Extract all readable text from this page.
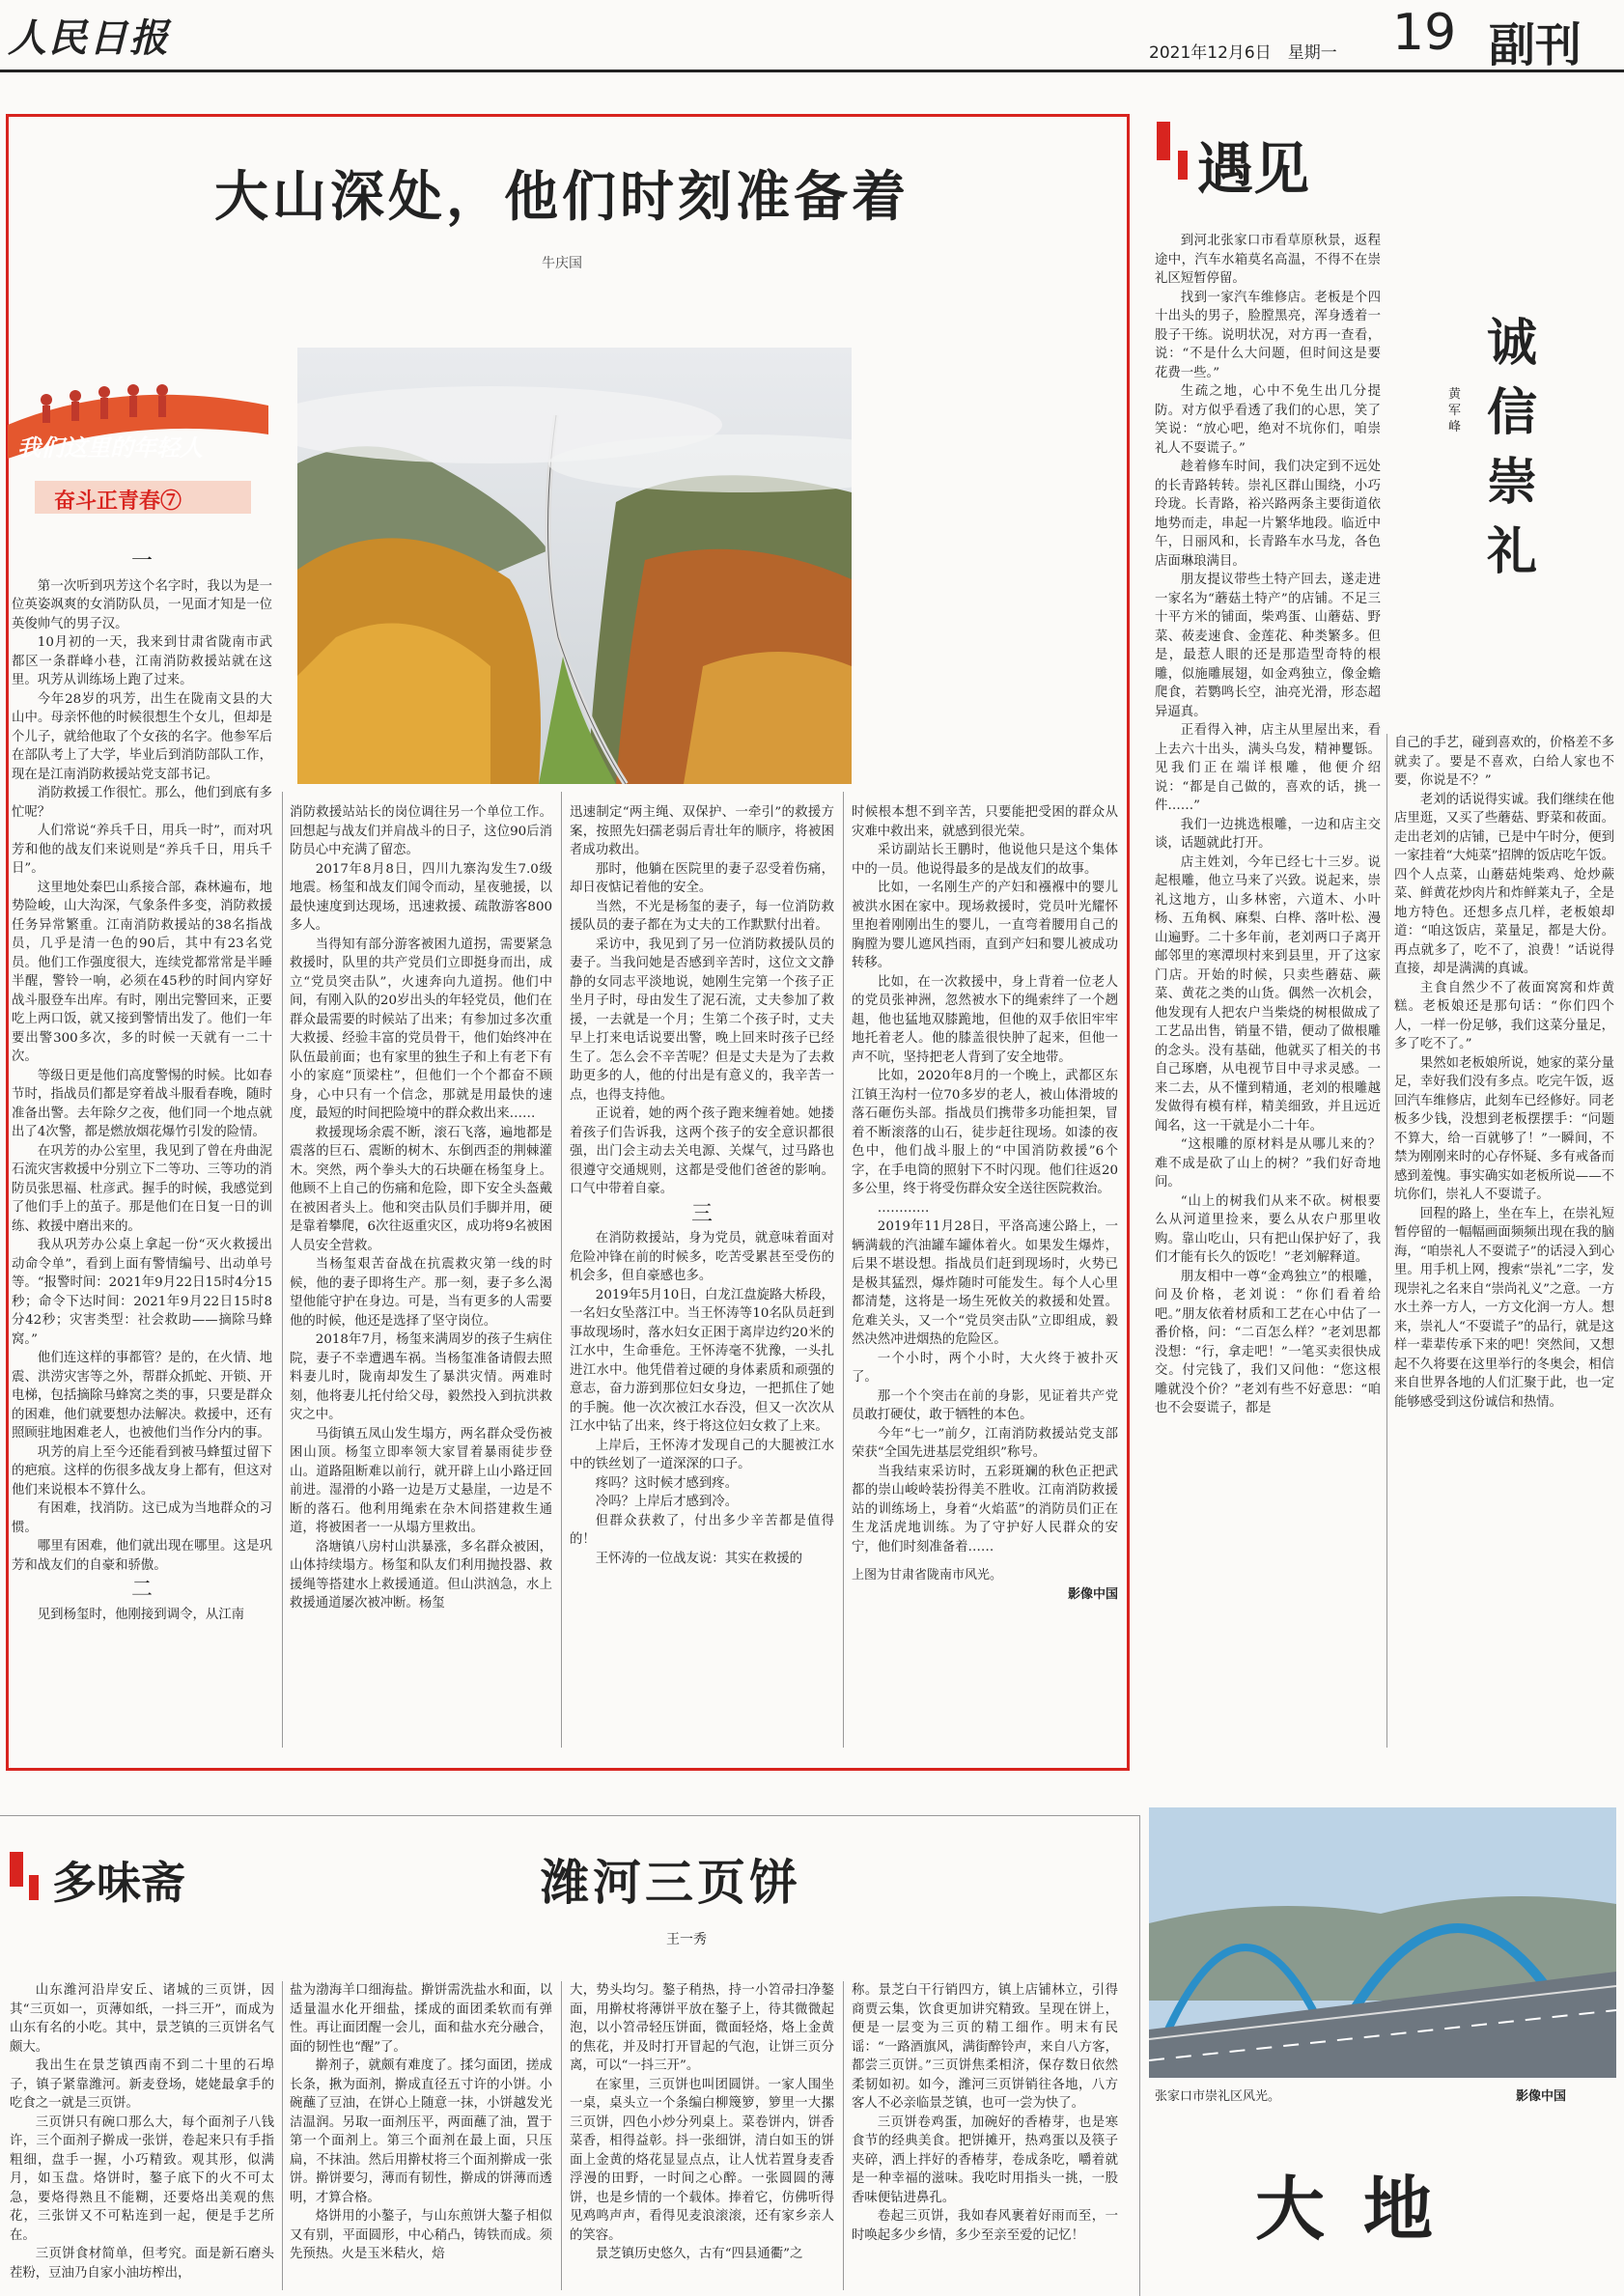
人民日报	2021年12月6日　星期一 19 副刊
大山深处，他们时刻准备着
牛庆国
我们这里的年轻人
奋斗正青春⑦
一

第一次听到巩芳这个名字时，我以为是一位英姿飒爽的女消防队员，一见面才知是一位英俊帅气的男子汉。

10月初的一天，我来到甘肃省陇南市武都区一条群峰小巷，江南消防救援站就在这里。巩芳从训练场上跑了过来。

今年28岁的巩芳，出生在陇南文县的大山中。母亲怀他的时候很想生个女儿，但却是个儿子，就给他取了个女孩的名字。他参军后在部队考上了大学，毕业后到消防部队工作，现在是江南消防救援站党支部书记。

消防救援工作很忙。那么，他们到底有多忙呢？

人们常说“养兵千日，用兵一时”，而对巩芳和他的战友们来说则是“养兵千日，用兵千日”。

这里地处秦巴山系接合部，森林遍布，地势险峻，山大沟深，气象条件多变，消防救援任务异常繁重。江南消防救援站的38名指战员，几乎是清一色的90后，其中有23名党员。他们工作强度很大，连续党都常常是半睡半醒，警铃一响，必须在45秒的时间内穿好战斗服登车出库。有时，刚出完警回来，正要吃上两口饭，就又接到警情出发了。他们一年要出警300多次，多的时候一天就有一二十次。

等级日更是他们高度警惕的时候。比如春节时，指战员们都是穿着战斗服看春晚，随时准备出警。去年除夕之夜，他们同一个地点就出了4次警，都是燃放烟花爆竹引发的险情。

在巩芳的办公室里，我见到了曾在舟曲泥石流灾害救援中分别立下二等功、三等功的消防员张思福、杜彦武。握手的时候，我感觉到了他们手上的茧子。那是他们在日复一日的训练、救援中磨出来的。

我从巩芳办公桌上拿起一份“灭火救援出动命令单”，看到上面有警情编号、出动单号等。“报警时间：2021年9月22日15时4分15秒；命令下达时间：2021年9月22日15时8分42秒；灾害类型：社会救助——摘除马蜂窝。”

他们连这样的事都管？是的，在火情、地震、洪涝灾害等之外，帮群众抓蛇、开锁、开电梯，包括摘除马蜂窝之类的事，只要是群众的困难，他们就要想办法解决。救援中，还有照顾驻地困难老人，也被他们当作分内的事。

巩芳的肩上至今还能看到被马蜂蜇过留下的疤痕。这样的伤很多战友身上都有，但这对他们来说根本不算什么。

有困难，找消防。这已成为当地群众的习惯。

哪里有困难，他们就出现在哪里。这是巩芳和战友们的自豪和骄傲。

二

见到杨玺时，他刚接到调令，从江南

消防救援站站长的岗位调往另一个单位工作。回想起与战友们并肩战斗的日子，这位90后消防员心中充满了留恋。

2017年8月8日，四川九寨沟发生7.0级地震。杨玺和战友们闻令而动，星夜驰援，以最快速度到达现场，迅速救援、疏散游客800多人。

当得知有部分游客被困九道拐，需要紧急救援时，队里的共产党员们立即挺身而出，成立“党员突击队”，火速奔向九道拐。他们中间，有刚入队的20岁出头的年轻党员，他们在群众最需要的时候站了出来；有参加过多次重大救援、经验丰富的党员骨干，他们始终冲在队伍最前面；也有家里的独生子和上有老下有小的家庭“顶梁柱”，但他们一个个都奋不顾身，心中只有一个信念，那就是用最快的速度，最短的时间把险境中的群众救出来……

救援现场余震不断，滚石飞落，遍地都是震落的巨石、震断的树木、东倒西歪的荆棘灌木。突然，两个拳头大的石块砸在杨玺身上。他顾不上自己的伤痛和危险，即下安全头盔戴在被困者头上。他和突击队员们手脚并用，硬是靠着攀爬，6次往返重灾区，成功将9名被困人员安全营救。

当杨玺艰苦奋战在抗震救灾第一线的时候，他的妻子即将生产。那一刻，妻子多么渴望他能守护在身边。可是，当有更多的人需要他的时候，他还是选择了坚守岗位。

2018年7月，杨玺来满周岁的孩子生病住院，妻子不幸遭遇车祸。当杨玺准备请假去照料妻儿时，陇南却发生了暴洪灾情。两难时刻，他将妻儿托付给父母，毅然投入到抗洪救灾之中。

马街镇五凤山发生塌方，两名群众受伤被困山顶。杨玺立即率领大家冒着暴雨徒步登山。道路阻断难以前行，就开辟上山小路迂回前进。湿滑的小路一边是万丈悬崖，一边是不断的落石。他利用绳索在杂木间搭建救生通道，将被困者一一从塌方里救出。

洛塘镇八房村山洪暴涨，多名群众被困，山体持续塌方。杨玺和队友们利用抛投器、救援绳等搭建水上救援通道。但山洪汹急，水上救援通道屡次被冲断。杨玺

迅速制定“两主绳、双保护、一牵引”的救援方案，按照先妇孺老弱后青壮年的顺序，将被困者成功救出。

那时，他躺在医院里的妻子忍受着伤痛，却日夜惦记着他的安全。

当然，不光是杨玺的妻子，每一位消防救援队员的妻子都在为丈夫的工作默默付出着。

采访中，我见到了另一位消防救援队员的妻子。当我问她是否感到辛苦时，这位文文静静的女同志平淡地说，她刚生完第一个孩子正坐月子时，母由发生了泥石流，丈夫参加了救援，一去就是一个月；生第二个孩子时，丈夫早上打来电话说要出警，晚上回来时孩子已经生了。怎么会不辛苦呢？但是丈夫是为了去救助更多的人，他的付出是有意义的，我辛苦一点，也得支持他。

正说着，她的两个孩子跑来缠着她。她搂着孩子们告诉我，这两个孩子的安全意识都很强，出门会主动去关电源、关煤气，过马路也很遵守交通规则，这都是受他们爸爸的影响。口气中带着自豪。

三

在消防救援站，身为党员，就意味着面对危险冲锋在前的时候多，吃苦受累甚至受伤的机会多，但自豪感也多。

2019年5月10日，白龙江盘旋路大桥段，一名妇女坠落江中。当王怀涛等10名队员赶到事故现场时，落水妇女正困于离岸边约20米的江水中，生命垂危。王怀涛毫不犹豫，一头扎进江水中。他凭借着过硬的身体素质和顽强的意志，奋力游到那位妇女身边，一把抓住了她的手腕。他一次次被江水吞没，但又一次次从江水中钻了出来，终于将这位妇女救了上来。

上岸后，王怀涛才发现自己的大腿被江水中的铁丝划了一道深深的口子。

疼吗？这时候才感到疼。

冷吗？上岸后才感到冷。

但群众获救了，付出多少辛苦都是值得的！

王怀涛的一位战友说：其实在救援的

时候根本想不到辛苦，只要能把受困的群众从灾难中救出来，就感到很光荣。

采访副站长王鹏时，他说他只是这个集体中的一员。他说得最多的是战友们的故事。

比如，一名刚生产的产妇和襁褓中的婴儿被洪水困在家中。现场救援时，党员叶光耀怀里抱着刚刚出生的婴儿，一直弯着腰用自己的胸膛为婴儿遮风挡雨，直到产妇和婴儿被成功转移。

比如，在一次救援中，身上背着一位老人的党员张神洲，忽然被水下的绳索绊了一个趔趄，他也猛地双膝跪地，但他的双手依旧牢牢地托着老人。他的膝盖很快肿了起来，但他一声不吭，坚持把老人背到了安全地带。

比如，2020年8月的一个晚上，武都区东江镇王沟村一位70多岁的老人，被山体滑坡的落石砸伤头部。指战员们携带多功能担架，冒着不断滚落的山石，徒步赶往现场。如漆的夜色中，他们战斗服上的“中国消防救援”6个字，在手电筒的照射下不时闪现。他们往返20多公里，终于将受伤群众安全送往医院救治。

…………

2019年11月28日，平洛高速公路上，一辆满载的汽油罐车罐体着火。如果发生爆炸，后果不堪设想。指战员们赶到现场时，火势已是极其猛烈，爆炸随时可能发生。每个人心里都清楚，这将是一场生死攸关的救援和处置。危难关头，又一个“党员突击队”立即组成，毅然决然冲进烟热的危险区。

一个小时，两个小时，大火终于被扑灭了。

那一个个突击在前的身影，见证着共产党员敢打硬仗，敢于牺牲的本色。

今年“七一”前夕，江南消防救援站党支部荣获“全国先进基层党组织”称号。

当我结束采访时，五彩斑斓的秋色正把武都的崇山峻岭装扮得美不胜收。江南消防救援站的训练场上，身着“火焰蓝”的消防员们正在生龙活虎地训练。为了守护好人民群众的安宁，他们时刻准备着……

上图为甘肃省陇南市风光。

影像中国

遇见
诚信崇礼
黄军峰

到河北张家口市看草原秋景，返程途中，汽车水箱莫名高温，不得不在崇礼区短暂停留。

找到一家汽车维修店。老板是个四十出头的男子，脸膛黑亮，浑身透着一股子干练。说明状况，对方再一查看，说：“不是什么大问题，但时间这是要花费一些。”

生疏之地，心中不免生出几分提防。对方似乎看透了我们的心思，笑了笑说：“放心吧，绝对不坑你们，咱崇礼人不耍谎子。”

趁着修车时间，我们决定到不远处的长青路转转。崇礼区群山围绕，小巧玲珑。长青路，裕兴路两条主要街道依地势而走，串起一片繁华地段。临近中午，日丽风和，长青路车水马龙，各色店面琳琅满目。

朋友提议带些土特产回去，遂走进一家名为“蘑菇土特产”的店铺。不足三十平方米的铺面，柴鸡蛋、山蘑菇、野菜、莜麦速食、金莲花、种类繁多。但是，最惹人眼的还是那造型奇特的根雕，似施雕展翅，如金鸡独立，像金蟾爬食，若鹦鸣长空，油亮光滑，形态超异逼真。

正看得入神，店主从里屋出来，看上去六十出头，满头乌发，精神矍铄。见我们正在端详根雕，他便介绍说：“都是自己做的，喜欢的话，挑一件……”

我们一边挑选根雕，一边和店主交谈，话题就此打开。

店主姓刘，今年已经七十三岁。说起根雕，他立马来了兴致。说起来，崇礼这地方，山多林密，六道木、小叶杨、五角枫、麻梨、白桦、落叶松、漫山遍野。二十多年前，老刘两口子离开邮邻里的寒潭坝村来到县里，开了这家门店。开始的时候，只卖些蘑菇、蕨菜、黄花之类的山货。偶然一次机会，他发现有人把农户当柴烧的树根做成了工艺品出售，销量不错，便动了做根雕的念头。没有基础，他就买了相关的书自己琢磨，从电视节目中寻求灵感。一来二去，从不懂到精通，老刘的根雕越发做得有模有样，精美细致，并且远近闻名，这一干就是小二十年。

“这根雕的原材料是从哪儿来的？难不成是砍了山上的树？”我们好奇地问。

“山上的树我们从来不砍。树根要么从河道里捡来，要么从农户那里收购。靠山吃山，只有把山保护好了，我们才能有长久的饭吃！”老刘解释道。

朋友相中一尊“金鸡独立”的根雕，问及价格，老刘说：“你们看着给吧。”朋友依着材质和工艺在心中估了一番价格，问：“二百怎么样？”老刘思都没想：“行，拿走吧！”一笔买卖很快成交。付完钱了，我们又问他：“您这根雕就没个价？”老刘有些不好意思：“咱也不会耍谎子，都是

自己的手艺，碰到喜欢的，价格差不多就卖了。要是不喜欢，白给人家也不要，你说是不？”

老刘的话说得实诚。我们继续在他店里逛，又买了些蘑菇、野菜和莜面。走出老刘的店铺，已是中午时分，便到一家挂着“大炖菜”招牌的饭店吃午饭。四个人点菜，山蘑菇炖柴鸡、炝炒蕨菜、鲜黄花炒肉片和炸鲜莱丸子，全是地方特色。还想多点几样，老板娘却道：“咱这饭店，菜量足，都是大份。再点就多了，吃不了，浪费！”话说得直接，却是满满的真诚。

主食自然少不了莜面窝窝和炸黄糕。老板娘还是那句话：“你们四个人，一样一份足够，我们这菜分量足，多了吃不了。”

果然如老板娘所说，她家的菜分量足，幸好我们没有多点。吃完午饭，返回汽车维修店，此刻车已经修好。同老板多少钱，没想到老板摆摆手：“问题不算大，给一百就够了！”一瞬间，不禁为刚刚来时的心存怀疑、多有戒备而感到羞愧。事实确实如老板所说——不坑你们，崇礼人不耍谎子。

回程的路上，坐在车上，在崇礼短暂停留的一幅幅画面频频出现在我的脑海，“咱崇礼人不耍谎子”的话浸入到心里。用手机上网，搜索“崇礼”二字，发现崇礼之名来自“崇尚礼义”之意。一方水土养一方人，一方文化润一方人。想来，崇礼人“不耍谎子”的品行，就是这样一辈辈传承下来的吧！突然间，又想起不久将要在这里举行的冬奥会，相信来自世界各地的人们汇聚于此，也一定能够感受到这份诚信和热情。

张家口市崇礼区风光。	影像中国
大地
多味斋	潍河三页饼
王一秀

山东潍河沿岸安丘、诸城的三页饼，因其“三页如一，页薄如纸，一抖三开”，而成为山东有名的小吃。其中，景芝镇的三页饼名气颇大。

我出生在景芝镇西南不到二十里的石埠子，镇子紧靠潍河。新麦登场，姥姥最拿手的吃食之一就是三页饼。

三页饼只有碗口那么大，每个面剂子八钱许，三个面剂子擀成一张饼，卷起来只有手指粗细，盘手一握，小巧精致。观其形，似满月，如玉盘。烙饼时，鏊子底下的火不可太急，要烙得熟且不能糊，还要烙出美观的焦花，三张饼又不可粘连到一起，便是手艺所在。

三页饼食材简单，但考究。面是新石磨头茬粉，豆油乃自家小油坊榨出，

盐为渤海羊口细海盐。擀饼需洗盐水和面，以适量温水化开细盐，揉成的面团柔软而有弹性。再让面团醒一会儿，面和盐水充分融合，面的韧性也“醒”了。

擀剂子，就颇有难度了。揉匀面团，搓成长条，揪为面剂，擀成直径五寸许的小饼。小碗蘸了豆油，在饼心上随意一抹，小饼越发光洁温润。另取一面剂压平，两面蘸了油，置于第一个面剂上。第三个面剂在最上面，只压扁，不抹油。然后用擀杖将三个面剂擀成一张饼。擀饼要匀，薄而有韧性，擀成的饼薄而透明，才算合格。

烙饼用的小鏊子，与山东煎饼大鏊子相似又有别，平面圆形，中心稍凸，铸铁而成。须先预热。火是玉米秸火，焙

大，势头均匀。鏊子稍热，持一小笤帚扫净鏊面，用擀杖将薄饼平放在鏊子上，待其微微起泡，以小笤帚轻压饼面，微面轻烙，烙上金黄的焦花，并及时打开冒起的气泡，让饼三页分离，可以“一抖三开”。

在家里，三页饼也叫团圆饼。一家人围坐一桌，桌头立一个条编白柳篾箩，箩里一大摞三页饼，四色小炒分列桌上。菜卷饼内，饼香菜香，相得益彰。抖一张细饼，清白如玉的饼面上金黄的烙花显显点点，让人忧若置身麦香浮漫的田野，一时间之心醉。一张圆圆的薄饼，也是乡情的一个载体。捧着它，仿佛听得见鸡鸣声声，看得见麦浪滚滚，还有家乡亲人的笑容。

景芝镇历史悠久，古有“四县通衢”之

称。景芝白干行销四方，镇上店铺林立，引得商贾云集，饮食更加讲究精致。呈现在饼上，便是一层变为三页的精工细作。明末有民谣：“一路酒旗风，满街醉铃声，来自八方客，都尝三页饼。”三页饼焦柔相济，保存数日依然柔韧如初。如今，潍河三页饼销往各地，八方客人不必亲临景芝镇，也可一尝为快了。

三页饼卷鸡蛋，加碗好的香椿芽，也是寒食节的经典美食。把饼摊开，热鸡蛋以及筷子夹碎，洒上拌好的香椿芽，卷成条吃，嚼着就是一种幸福的滋味。我吃时用指头一挑，一股香味便钻进鼻孔。

卷起三页饼，我如春风裹着好雨而至，一时唤起多少乡情，多少至亲至爱的记忆！
